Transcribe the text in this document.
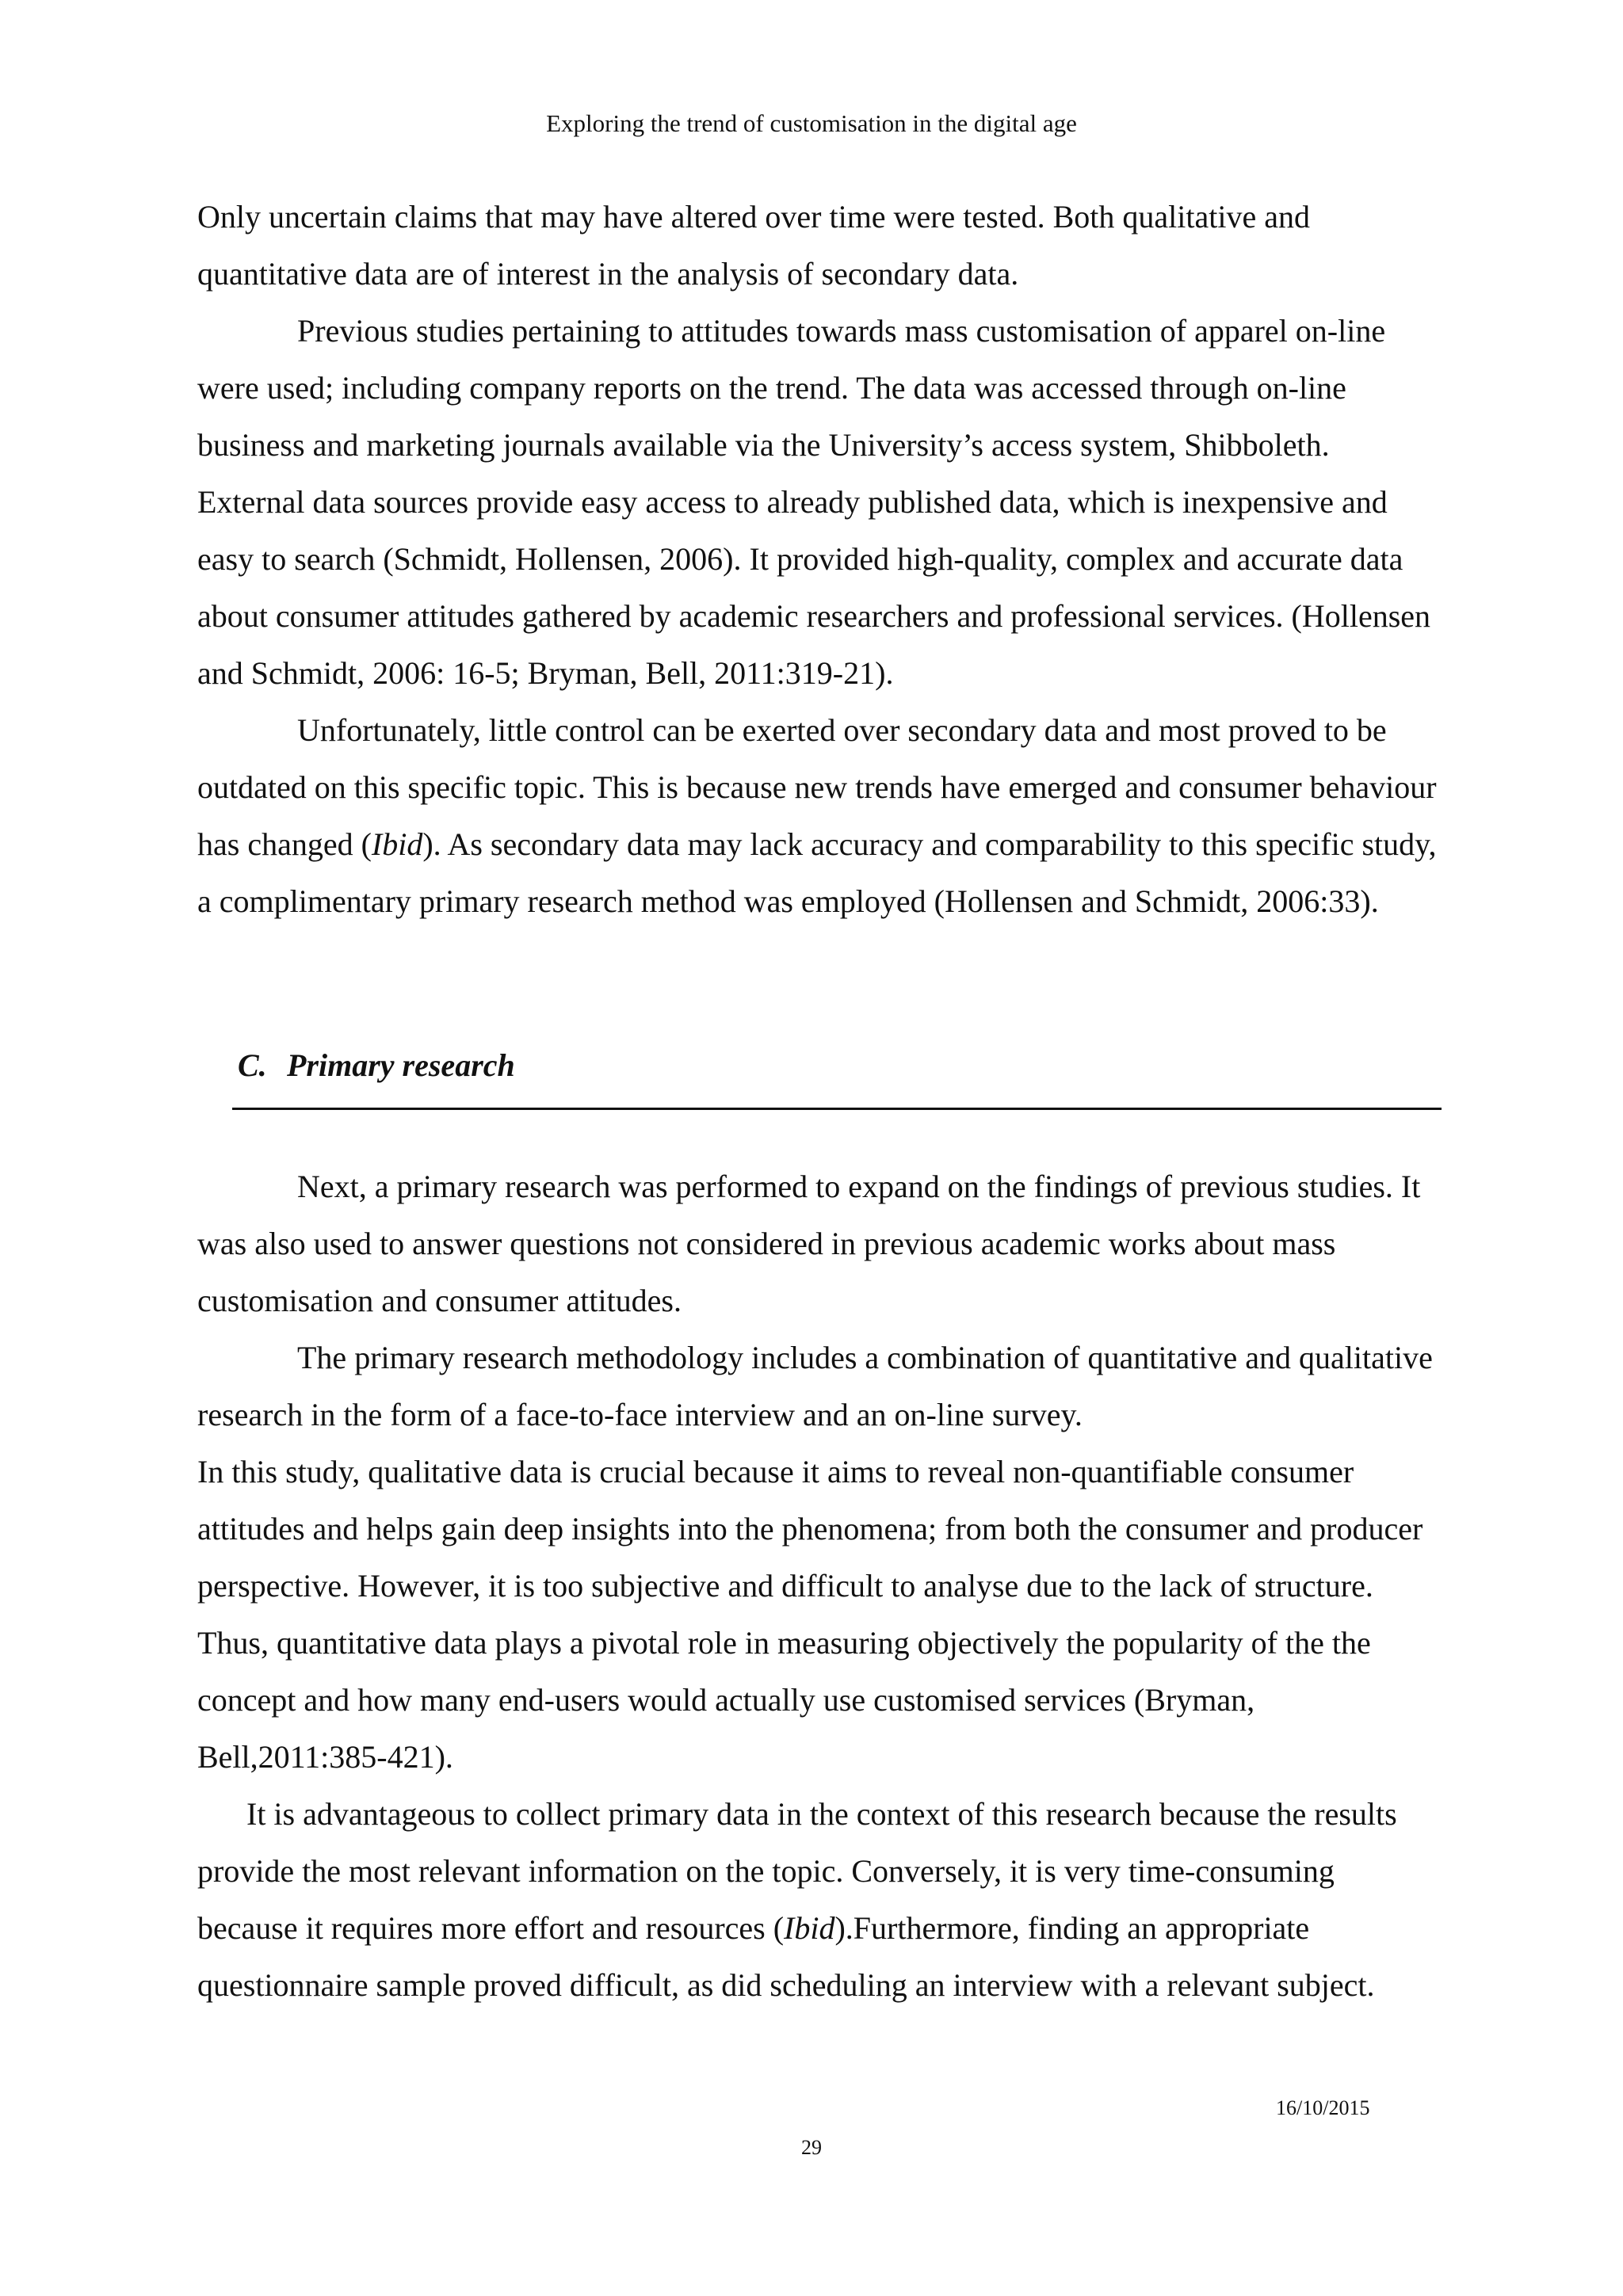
Exploring the trend of customisation in the digital age

Only uncertain claims that may have altered over time were tested. Both qualitative and quantitative data are of interest in the analysis of secondary data.

Previous studies pertaining to attitudes towards mass customisation of apparel on-line were used; including company reports on the trend. The data was accessed through on-line business and marketing journals available via the University’s access system, Shibboleth. External data sources provide easy access to already published data, which is inexpensive and easy to search (Schmidt, Hollensen, 2006). It provided high-quality, complex and accurate data about consumer attitudes gathered by academic researchers and professional services. (Hollensen and Schmidt, 2006: 16-5; Bryman, Bell, 2011:319-21).

Unfortunately, little control can be exerted over secondary data and most proved to be outdated on this specific topic. This is because new trends have emerged and consumer behaviour has changed (Ibid). As secondary data may lack accuracy and comparability to this specific study, a complimentary primary research method was employed (Hollensen and Schmidt, 2006:33).

C. Primary research

Next, a primary research was performed to expand on the findings of previous studies. It was also used to answer questions not considered in previous academic works about mass customisation and consumer attitudes.

The primary research methodology includes a combination of quantitative and qualitative research in the form of a face-to-face interview and an on-line survey.

In this study, qualitative data is crucial because it aims to reveal non-quantifiable consumer attitudes and helps gain deep insights into the phenomena; from both the consumer and producer perspective. However, it is too subjective and difficult to analyse due to the lack of structure. Thus, quantitative data plays a pivotal role in measuring objectively the popularity of the the concept and how many end-users would actually use customised services (Bryman, Bell,2011:385-421).

It is advantageous to collect primary data in the context of this research because the results provide the most relevant information on the topic. Conversely, it is very time-consuming because it requires more effort and resources (Ibid).Furthermore, finding an appropriate questionnaire sample proved difficult, as did scheduling an interview with a relevant subject.

16/10/2015
29
